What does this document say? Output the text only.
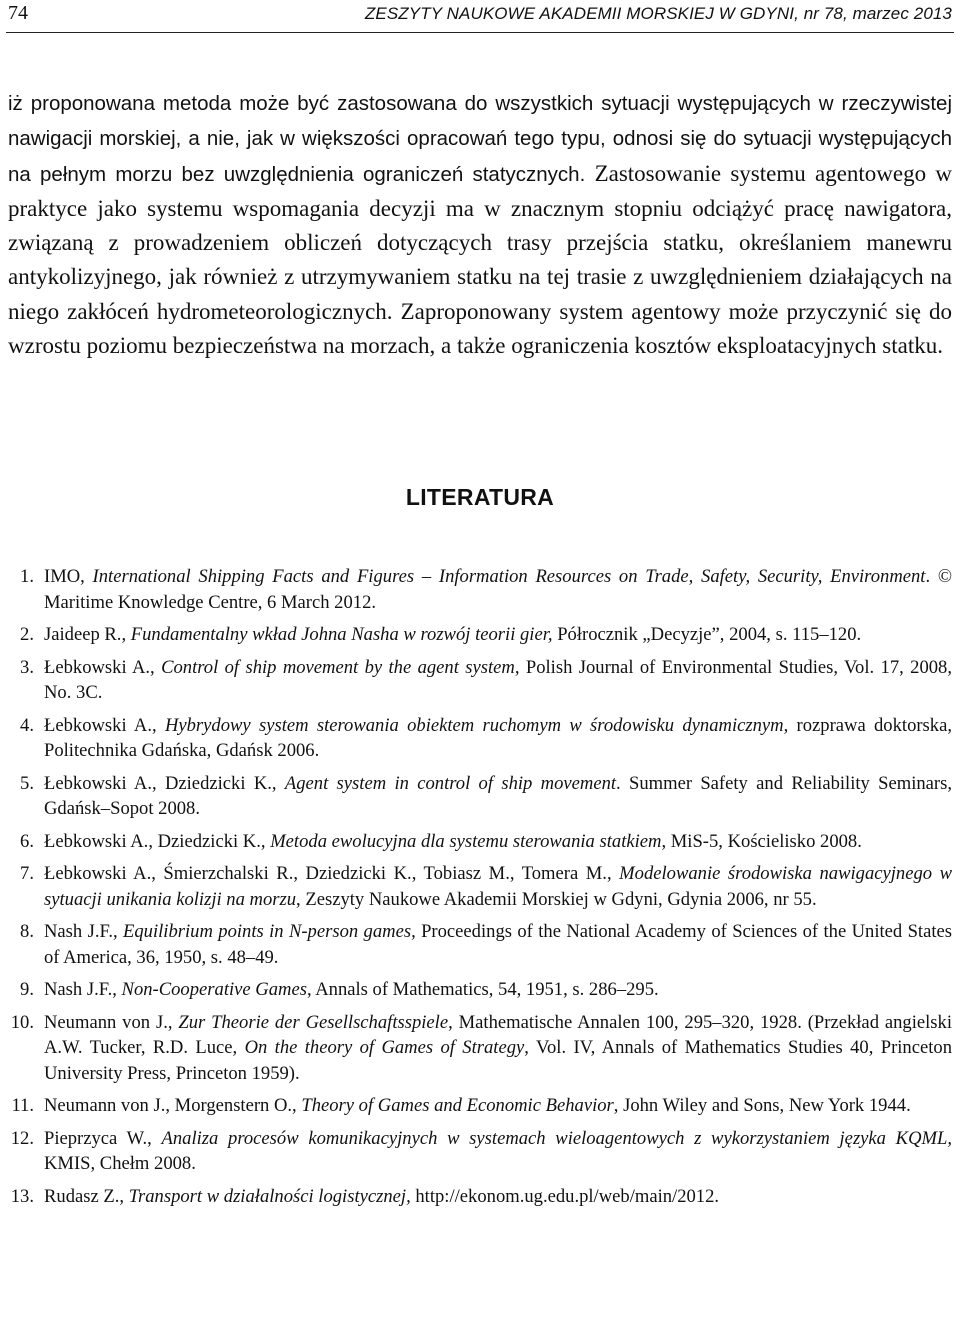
74	ZESZYTY NAUKOWE AKADEMII MORSKIEJ W GDYNI, nr 78, marzec 2013

iż proponowana metoda może być zastosowana do wszystkich sytuacji występujących w rzeczywistej nawigacji morskiej, a nie, jak w większości opracowań tego typu, odnosi się do sytuacji występujących na pełnym morzu bez uwzględnienia ograniczeń statycznych. Zastosowanie systemu agentowego w praktyce jako systemu wspomagania decyzji ma w znacznym stopniu odciążyć pracę nawigatora, związaną z prowadzeniem obliczeń dotyczących trasy przejścia statku, określaniem manewru antykolizyjnego, jak również z utrzymywaniem statku na tej trasie z uwzględnieniem działających na niego zakłóceń hydrometeorologicznych. Zaproponowany system agentowy może przyczynić się do wzrostu poziomu bezpieczeństwa na morzach, a także ograniczenia kosztów eksploatacyjnych statku.

LITERATURA
1. IMO, International Shipping Facts and Figures – Information Resources on Trade, Safety, Security, Environment. © Maritime Knowledge Centre, 6 March 2012.
2. Jaideep R., Fundamentalny wkład Johna Nasha w rozwój teorii gier, Półrocznik „Decyzje”, 2004, s. 115–120.
3. Łebkowski A., Control of ship movement by the agent system, Polish Journal of Environmental Studies, Vol. 17, 2008, No. 3C.
4. Łebkowski A., Hybrydowy system sterowania obiektem ruchomym w środowisku dynamicznym, rozprawa doktorska, Politechnika Gdańska, Gdańsk 2006.
5. Łebkowski A., Dziedzicki K., Agent system in control of ship movement. Summer Safety and Reliability Seminars, Gdańsk–Sopot 2008.
6. Łebkowski A., Dziedzicki K., Metoda ewolucyjna dla systemu sterowania statkiem, MiS-5, Kościelisko 2008.
7. Łebkowski A., Śmierzchalski R., Dziedzicki K., Tobiasz M., Tomera M., Modelowanie środowiska nawigacyjnego w sytuacji unikania kolizji na morzu, Zeszyty Naukowe Akademii Morskiej w Gdyni, Gdynia 2006, nr 55.
8. Nash J.F., Equilibrium points in N-person games, Proceedings of the National Academy of Sciences of the United States of America, 36, 1950, s. 48–49.
9. Nash J.F., Non-Cooperative Games, Annals of Mathematics, 54, 1951, s. 286–295.
10. Neumann von J., Zur Theorie der Gesellschaftsspiele, Mathematische Annalen 100, 295–320, 1928. (Przekład angielski A.W. Tucker, R.D. Luce, On the theory of Games of Strategy, Vol. IV, Annals of Mathematics Studies 40, Princeton University Press, Princeton 1959).
11. Neumann von J., Morgenstern O., Theory of Games and Economic Behavior, John Wiley and Sons, New York 1944.
12. Pieprzyca W., Analiza procesów komunikacyjnych w systemach wieloagentowych z wykorzystaniem języka KQML, KMIS, Chełm 2008.
13. Rudasz Z., Transport w działalności logistycznej, http://ekonom.ug.edu.pl/web/main/2012.
